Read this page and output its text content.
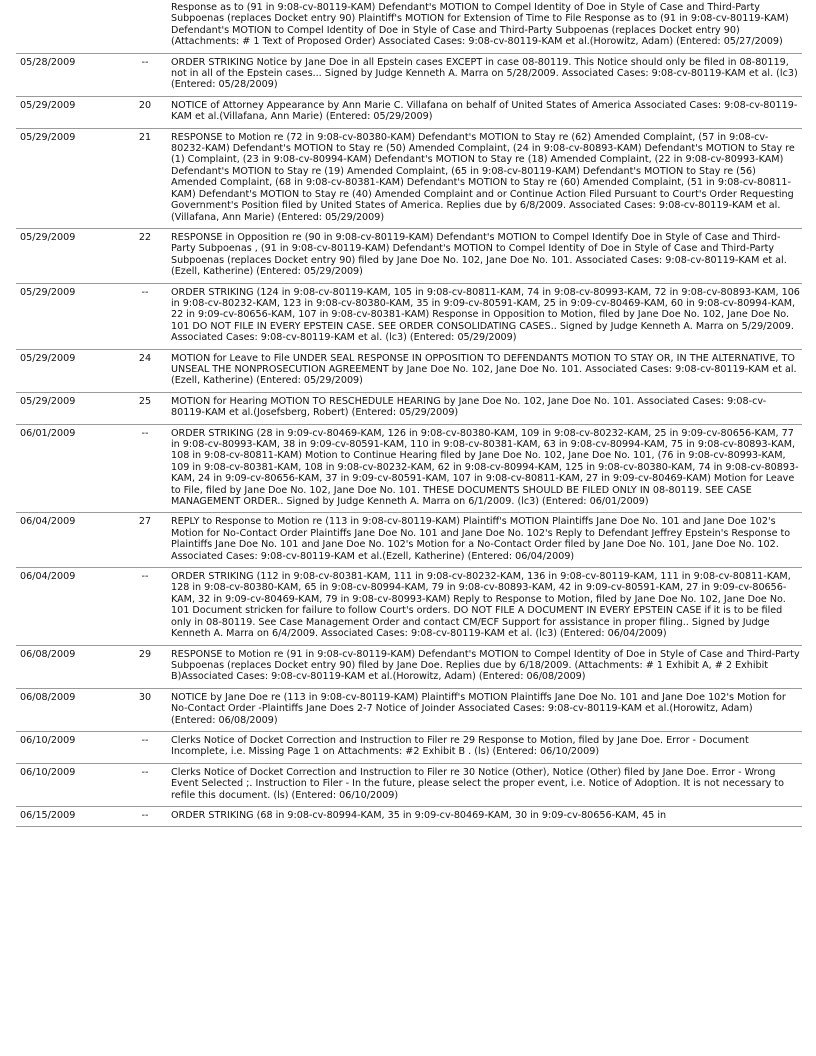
		Response as to (91 in 9:08-cv-80119-KAM) Defendant's MOTION to Compel Identity of Doe in Style of Case and Third-Party Subpoenas (replaces Docket entry 90) Plaintiff's MOTION for Extension of Time to File Response as to (91 in 9:08-cv-80119-KAM) Defendant's MOTION to Compel Identity of Doe in Style of Case and Third-Party Subpoenas (replaces Docket entry 90) (Attachments: # 1 Text of Proposed Order) Associated Cases: 9:08-cv-80119-KAM et al.(Horowitz, Adam) (Entered: 05/27/2009)
05/28/2009	--	ORDER STRIKING Notice by Jane Doe in all Epstein cases EXCEPT in case 08-80119. This Notice should only be filed in 08-80119, not in all of the Epstein cases... Signed by Judge Kenneth A. Marra on 5/28/2009. Associated Cases: 9:08-cv-80119-KAM et al. (lc3) (Entered: 05/28/2009)
05/29/2009	20	NOTICE of Attorney Appearance by Ann Marie C. Villafana on behalf of United States of America Associated Cases: 9:08-cv-80119-KAM et al.(Villafana, Ann Marie) (Entered: 05/29/2009)
05/29/2009	21	RESPONSE to Motion re (72 in 9:08-cv-80380-KAM) Defendant's MOTION to Stay re (62) Amended Complaint, (57 in 9:08-cv-80232-KAM) Defendant's MOTION to Stay re (50) Amended Complaint, (24 in 9:08-cv-80893-KAM) Defendant's MOTION to Stay re (1) Complaint, (23 in 9:08-cv-80994-KAM) Defendant's MOTION to Stay re (18) Amended Complaint, (22 in 9:08-cv-80993-KAM) Defendant's MOTION to Stay re (19) Amended Complaint, (65 in 9:08-cv-80119-KAM) Defendant's MOTION to Stay re (56) Amended Complaint, (68 in 9:08-cv-80381-KAM) Defendant's MOTION to Stay re (60) Amended Complaint, (51 in 9:08-cv-80811-KAM) Defendant's MOTION to Stay re (40) Amended Complaint and or Continue Action Filed Pursuant to Court's Order Requesting Government's Position filed by United States of America. Replies due by 6/8/2009. Associated Cases: 9:08-cv-80119-KAM et al.(Villafana, Ann Marie) (Entered: 05/29/2009)
05/29/2009	22	RESPONSE in Opposition re (90 in 9:08-cv-80119-KAM) Defendant's MOTION to Compel Identify Doe in Style of Case and Third-Party Subpoenas , (91 in 9:08-cv-80119-KAM) Defendant's MOTION to Compel Identity of Doe in Style of Case and Third-Party Subpoenas (replaces Docket entry 90) filed by Jane Doe No. 102, Jane Doe No. 101. Associated Cases: 9:08-cv-80119-KAM et al.(Ezell, Katherine) (Entered: 05/29/2009)
05/29/2009	--	ORDER STRIKING (124 in 9:08-cv-80119-KAM, 105 in 9:08-cv-80811-KAM, 74 in 9:08-cv-80993-KAM, 72 in 9:08-cv-80893-KAM, 106 in 9:08-cv-80232-KAM, 123 in 9:08-cv-80380-KAM, 35 in 9:09-cv-80591-KAM, 25 in 9:09-cv-80469-KAM, 60 in 9:08-cv-80994-KAM, 22 in 9:09-cv-80656-KAM, 107 in 9:08-cv-80381-KAM) Response in Opposition to Motion, filed by Jane Doe No. 102, Jane Doe No. 101 DO NOT FILE IN EVERY EPSTEIN CASE. SEE ORDER CONSOLIDATING CASES.. Signed by Judge Kenneth A. Marra on 5/29/2009. Associated Cases: 9:08-cv-80119-KAM et al. (lc3) (Entered: 05/29/2009)
05/29/2009	24	MOTION for Leave to File UNDER SEAL RESPONSE IN OPPOSITION TO DEFENDANTS MOTION TO STAY OR, IN THE ALTERNATIVE, TO UNSEAL THE NONPROSECUTION AGREEMENT by Jane Doe No. 102, Jane Doe No. 101. Associated Cases: 9:08-cv-80119-KAM et al.(Ezell, Katherine) (Entered: 05/29/2009)
05/29/2009	25	MOTION for Hearing MOTION TO RESCHEDULE HEARING by Jane Doe No. 102, Jane Doe No. 101. Associated Cases: 9:08-cv-80119-KAM et al.(Josefsberg, Robert) (Entered: 05/29/2009)
06/01/2009	--	ORDER STRIKING (28 in 9:09-cv-80469-KAM, 126 in 9:08-cv-80380-KAM, 109 in 9:08-cv-80232-KAM, 25 in 9:09-cv-80656-KAM, 77 in 9:08-cv-80993-KAM, 38 in 9:09-cv-80591-KAM, 110 in 9:08-cv-80381-KAM, 63 in 9:08-cv-80994-KAM, 75 in 9:08-cv-80893-KAM, 108 in 9:08-cv-80811-KAM) Motion to Continue Hearing filed by Jane Doe No. 102, Jane Doe No. 101, (76 in 9:08-cv-80993-KAM, 109 in 9:08-cv-80381-KAM, 108 in 9:08-cv-80232-KAM, 62 in 9:08-cv-80994-KAM, 125 in 9:08-cv-80380-KAM, 74 in 9:08-cv-80893-KAM, 24 in 9:09-cv-80656-KAM, 37 in 9:09-cv-80591-KAM, 107 in 9:08-cv-80811-KAM, 27 in 9:09-cv-80469-KAM) Motion for Leave to File, filed by Jane Doe No. 102, Jane Doe No. 101. THESE DOCUMENTS SHOULD BE FILED ONLY IN 08-80119. SEE CASE MANAGEMENT ORDER.. Signed by Judge Kenneth A. Marra on 6/1/2009. (lc3) (Entered: 06/01/2009)
06/04/2009	27	REPLY to Response to Motion re (113 in 9:08-cv-80119-KAM) Plaintiff's MOTION Plaintiffs Jane Doe No. 101 and Jane Doe 102's Motion for No-Contact Order Plaintiffs Jane Doe No. 101 and Jane Doe No. 102's Reply to Defendant Jeffrey Epstein's Response to Plaintiffs Jane Doe No. 101 and Jane Doe No. 102's Motion for a No-Contact Order filed by Jane Doe No. 101, Jane Doe No. 102. Associated Cases: 9:08-cv-80119-KAM et al.(Ezell, Katherine) (Entered: 06/04/2009)
06/04/2009	--	ORDER STRIKING (112 in 9:08-cv-80381-KAM, 111 in 9:08-cv-80232-KAM, 136 in 9:08-cv-80119-KAM, 111 in 9:08-cv-80811-KAM, 128 in 9:08-cv-80380-KAM, 65 in 9:08-cv-80994-KAM, 79 in 9:08-cv-80893-KAM, 42 in 9:09-cv-80591-KAM, 27 in 9:09-cv-80656-KAM, 32 in 9:09-cv-80469-KAM, 79 in 9:08-cv-80993-KAM) Reply to Response to Motion, filed by Jane Doe No. 102, Jane Doe No. 101 Document stricken for failure to follow Court's orders. DO NOT FILE A DOCUMENT IN EVERY EPSTEIN CASE if it is to be filed only in 08-80119. See Case Management Order and contact CM/ECF Support for assistance in proper filing.. Signed by Judge Kenneth A. Marra on 6/4/2009. Associated Cases: 9:08-cv-80119-KAM et al. (lc3) (Entered: 06/04/2009)
06/08/2009	29	RESPONSE to Motion re (91 in 9:08-cv-80119-KAM) Defendant's MOTION to Compel Identity of Doe in Style of Case and Third-Party Subpoenas (replaces Docket entry 90) filed by Jane Doe. Replies due by 6/18/2009. (Attachments: # 1 Exhibit A, # 2 Exhibit B)Associated Cases: 9:08-cv-80119-KAM et al.(Horowitz, Adam) (Entered: 06/08/2009)
06/08/2009	30	NOTICE by Jane Doe re (113 in 9:08-cv-80119-KAM) Plaintiff's MOTION Plaintiffs Jane Doe No. 101 and Jane Doe 102's Motion for No-Contact Order -Plaintiffs Jane Does 2-7 Notice of Joinder Associated Cases: 9:08-cv-80119-KAM et al.(Horowitz, Adam) (Entered: 06/08/2009)
06/10/2009	--	Clerks Notice of Docket Correction and Instruction to Filer re 29 Response to Motion, filed by Jane Doe. Error - Document Incomplete, i.e. Missing Page 1 on Attachments: #2 Exhibit B . (ls) (Entered: 06/10/2009)
06/10/2009	--	Clerks Notice of Docket Correction and Instruction to Filer re 30 Notice (Other), Notice (Other) filed by Jane Doe. Error - Wrong Event Selected ;. Instruction to Filer - In the future, please select the proper event, i.e. Notice of Adoption. It is not necessary to refile this document. (ls) (Entered: 06/10/2009)
06/15/2009	--	ORDER STRIKING (68 in 9:08-cv-80994-KAM, 35 in 9:09-cv-80469-KAM, 30 in 9:09-cv-80656-KAM, 45 in
